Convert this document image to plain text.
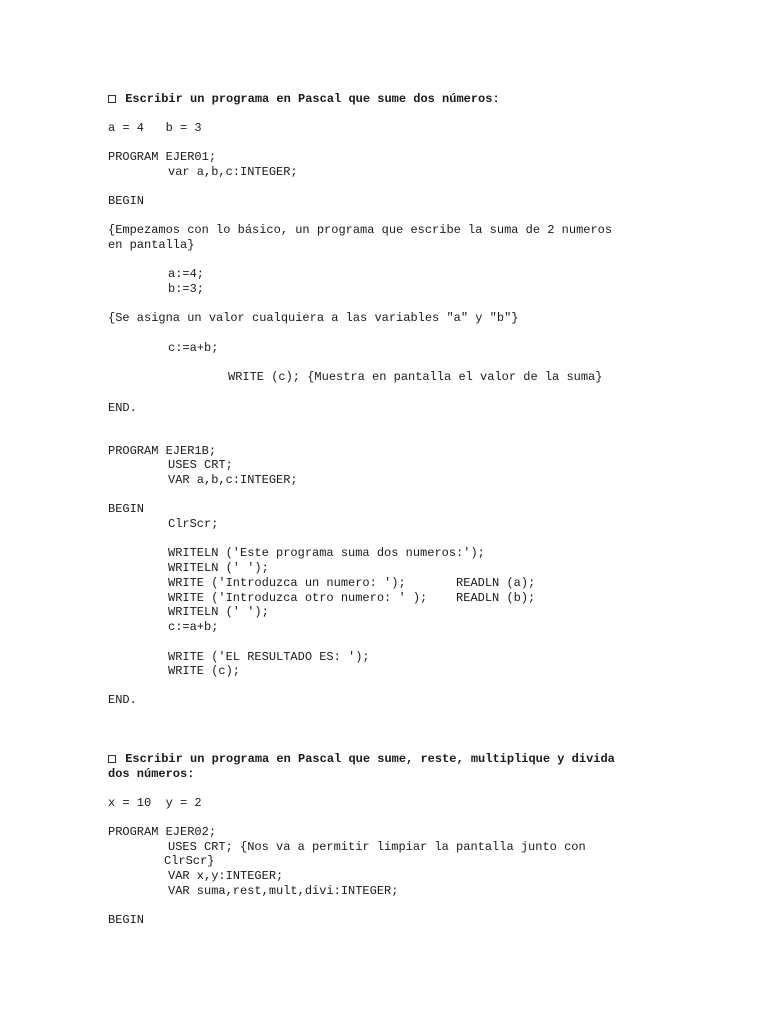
Escribir un programa en Pascal que sume dos números:
a = 4   b = 3
PROGRAM EJER01;
var a,b,c:INTEGER;
BEGIN
{Empezamos con lo básico, un programa que escribe la suma de 2 numeros
en pantalla}
a:=4;
b:=3;
{Se asigna un valor cualquiera a las variables "a" y "b"}
c:=a+b;
WRITE (c); {Muestra en pantalla el valor de la suma}
END.
PROGRAM EJER1B;
USES CRT;
VAR a,b,c:INTEGER;
BEGIN
ClrScr;
WRITELN ('Este programa suma dos numeros:');
WRITELN (' ');
WRITE ('Introduzca un numero: ');       READLN (a);
WRITE ('Introduzca otro numero: ' );    READLN (b);
WRITELN (' ');
c:=a+b;
WRITE ('EL RESULTADO ES: ');
WRITE (c);
END.
Escribir un programa en Pascal que sume, reste, multiplique y divida
dos números:
x = 10  y = 2
PROGRAM EJER02;
USES CRT; {Nos va a permitir limpiar la pantalla junto con
ClrScr}
VAR x,y:INTEGER;
VAR suma,rest,mult,divi:INTEGER;
BEGIN
